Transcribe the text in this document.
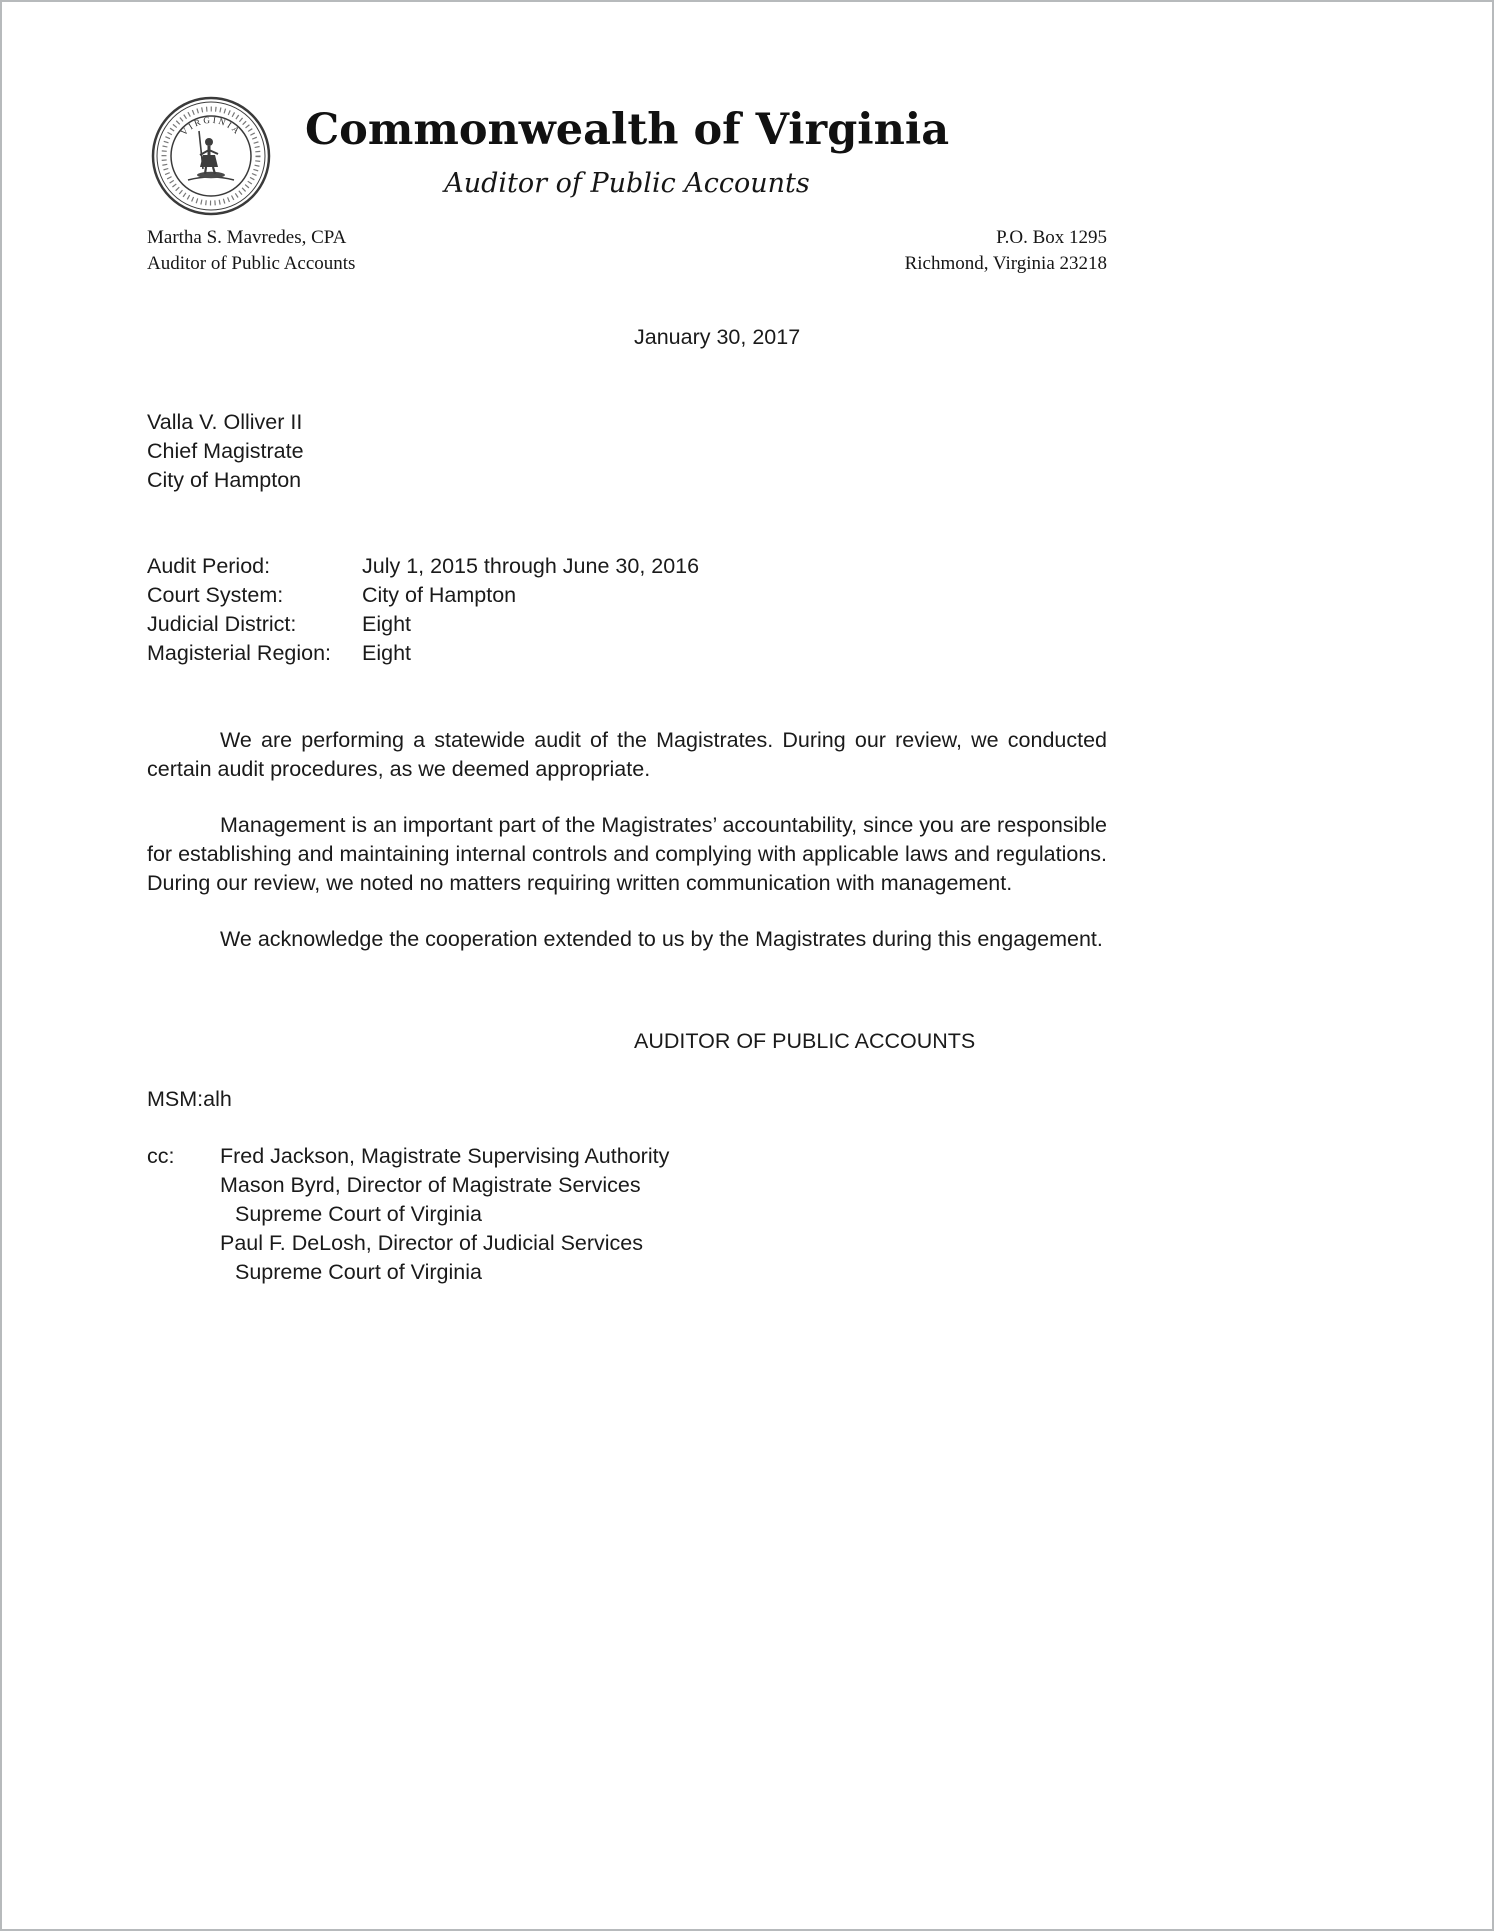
VIRGINIA	Commonwealth of Virginia
Auditor of Public Accounts
Martha S. Mavredes, CPA
Auditor of Public Accounts
P.O. Box 1295
Richmond, Virginia 23218
January 30, 2017
Valla V. Olliver II
Chief Magistrate
City of Hampton
Audit Period:	July 1, 2015 through June 30, 2016
Court System:	City of Hampton
Judicial District:	Eight
Magisterial Region:	Eight

We are performing a statewide audit of the Magistrates. During our review, we conducted certain audit procedures, as we deemed appropriate.

Management is an important part of the Magistrates’ accountability, since you are responsible for establishing and maintaining internal controls and complying with applicable laws and regulations. During our review, we noted no matters requiring written communication with management.

We acknowledge the cooperation extended to us by the Magistrates during this engagement.

AUDITOR OF PUBLIC ACCOUNTS
MSM:alh
cc:	Fred Jackson, Magistrate Supervising Authority
Mason Byrd, Director of Magistrate Services
Supreme Court of Virginia
Paul F. DeLosh, Director of Judicial Services
Supreme Court of Virginia
